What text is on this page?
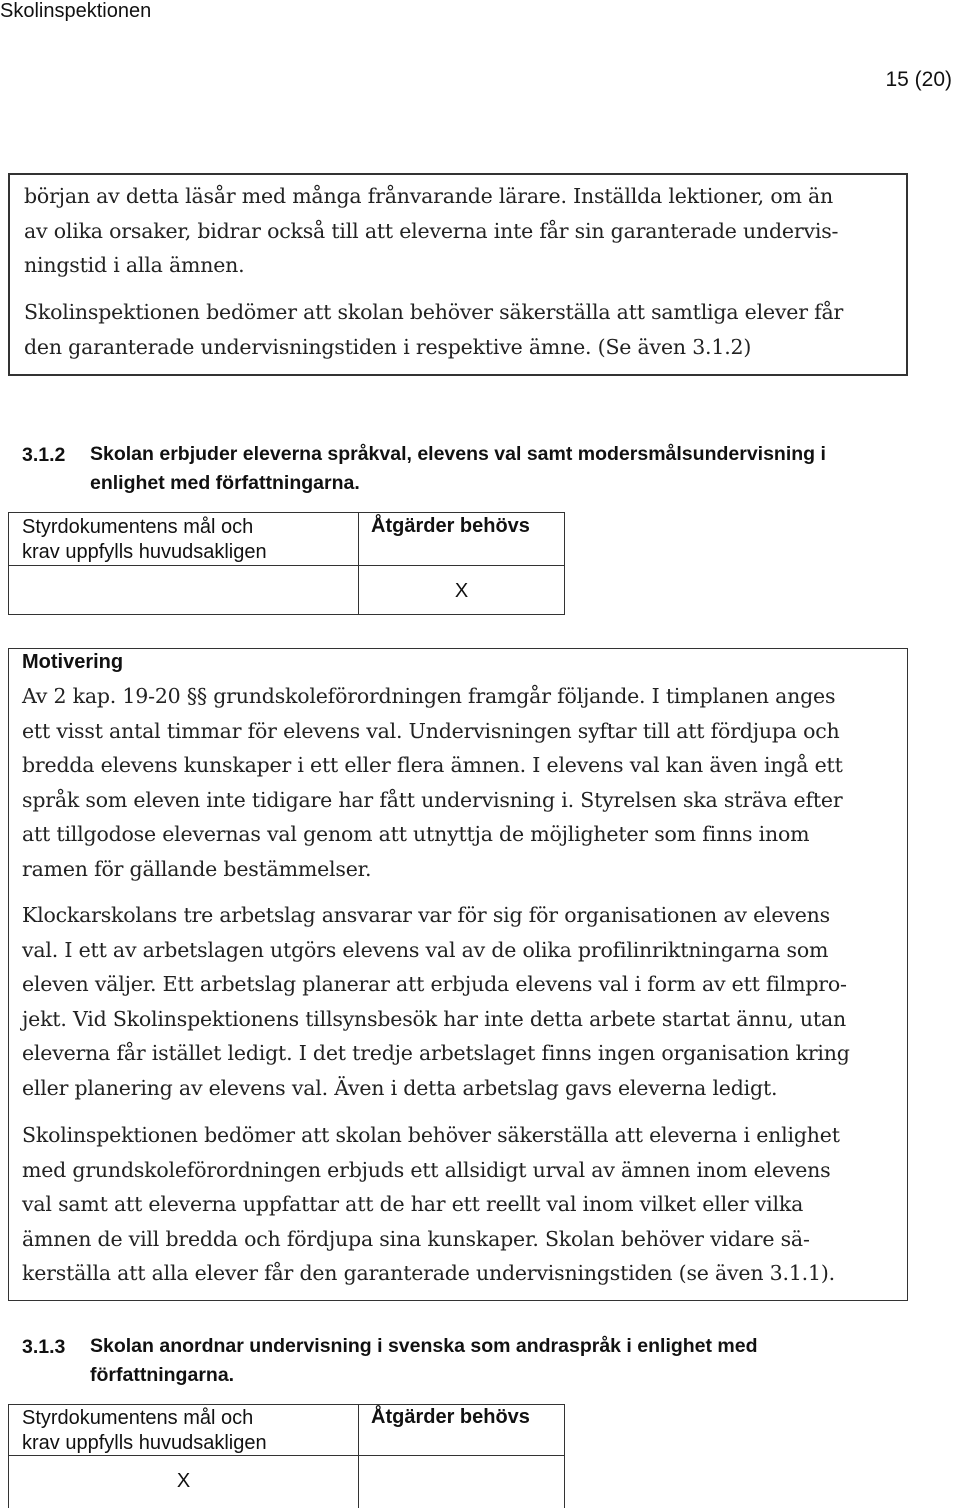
Skolinspektionen
15 (20)

början av detta läsår med många frånvarande lärare. Inställda lektioner, om än

av olika orsaker, bidrar också till att eleverna inte får sin garanterade undervis-

ningstid i alla ämnen.

Skolinspektionen bedömer att skolan behöver säkerställa att samtliga elever får

den garanterade undervisningstiden i respektive ämne. (Se även 3.1.2)

3.1.2 Skolan erbjuder eleverna språkval, elevens val samt modersmålsundervisning i
enlighet med författningarna.
Styrdokumentens mål och
krav uppfylls huvudsakligen
Åtgärder behövs
X
Motivering

Av 2 kap. 19-20 §§ grundskoleförordningen framgår följande. I timplanen anges

ett visst antal timmar för elevens val. Undervisningen syftar till att fördjupa och

bredda elevens kunskaper i ett eller flera ämnen. I elevens val kan även ingå ett

språk som eleven inte tidigare har fått undervisning i. Styrelsen ska sträva efter

att tillgodose elevernas val genom att utnyttja de möjligheter som finns inom

ramen för gällande bestämmelser.

Klockarskolans tre arbetslag ansvarar var för sig för organisationen av elevens

val. I ett av arbetslagen utgörs elevens val av de olika profilinriktningarna som

eleven väljer. Ett arbetslag planerar att erbjuda elevens val i form av ett filmpro-

jekt. Vid Skolinspektionens tillsynsbesök har inte detta arbete startat ännu, utan

eleverna får istället ledigt. I det tredje arbetslaget finns ingen organisation kring

eller planering av elevens val. Även i detta arbetslag gavs eleverna ledigt.

Skolinspektionen bedömer att skolan behöver säkerställa att eleverna i enlighet

med grundskoleförordningen erbjuds ett allsidigt urval av ämnen inom elevens

val samt att eleverna uppfattar att de har ett reellt val inom vilket eller vilka

ämnen de vill bredda och fördjupa sina kunskaper. Skolan behöver vidare sä-

kerställa att alla elever får den garanterade undervisningstiden (se även 3.1.1).

3.1.3 Skolan anordnar undervisning i svenska som andraspråk i enlighet med
författningarna.
Styrdokumentens mål och
krav uppfylls huvudsakligen
Åtgärder behövs
X
